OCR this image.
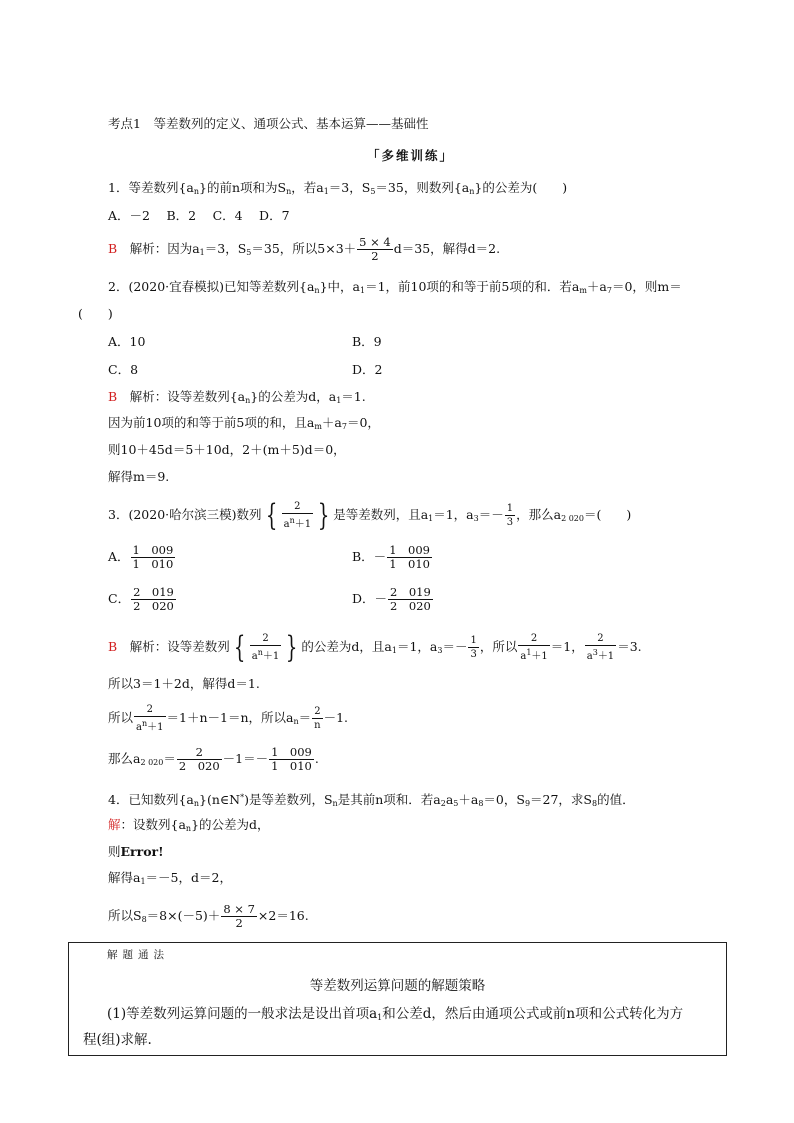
考点1　等差数列的定义、通项公式、基本运算——基础性
「多维训练」
1．等差数列$\{a_n\}$的前n项和为$S_n$，若$a_1=3$，$S_5=35$，则数列$\{a_n\}$的公差为(　　)
A．－2　 B．2　 C．4　 D．7
B　 解析：因为$a_1=3$，$S_5=35$，所以$5\times 3+ \frac{5 \times 4}{2} d=35$，解得d＝2.
2．(2020·宜春模拟)已知等差数列$\{a_n\}$中，$a_1=1$，前10项的和等于前5项的和．若$a_m+a_7=0$，则m＝
(　　)
A．10	B．9
C．8	D．2
B　 解析：设等差数列$\{a_n\}$的公差为d，$a_1=1$.
因为前10项的和等于前5项的和，且$a_m+a_7=0$，
则10＋45d＝5＋10d，2＋(m＋5)d＝0，
解得m＝9.
3．(2020·哈尔滨三模)数列 { $\frac{2}{a^n+1}$ } 是等差数列，且$a_1=1$，$a_3=- \frac{1}{3}$ ，那么$a_{2 020}=$(　　)
A． $\frac{1 009}{1 010}$	B．－ $\frac{1 009}{1 010}$
C． $\frac{2 019}{2 020}$	D．－ $\frac{2 019}{2 020}$
B　解析：设等差数列 { $\frac{2}{a^n+1}$ } 的公差为d，且$a_1=1$，$a_3=- \frac{1}{3}$ ，所以 $\frac{2}{a^1+1} =1$， $\frac{2}{a^3+1} =3$.
所以3＝1＋2d，解得d＝1.
所以 $\frac{2}{a^n+1} =1+n-1=n$，所以$a_n= \frac{2}{n} -1$.
那么$a_{2 020}= \frac{2}{2 020} -1=- \frac{1 009}{1 010}$ .
4．已知数列$\{a_n\}(n\in N^*)$是等差数列，$S_n$是其前n项和．若$a_2a_5+a_8=0$，$S_9=27$，求$S_8$的值．
解：设数列$\{a_n\}$的公差为d，
则Error!
解得$a_1=-5$，d＝2，
所以$S_8=8\times(-5)+ \frac{8 \times 7}{2} \times 2=16$.
解题通法
等差数列运算问题的解题策略
(1)等差数列运算问题的一般求法是设出首项$a_1$和公差d，然后由通项公式或前n项和公式转化为方
程(组)求解.
